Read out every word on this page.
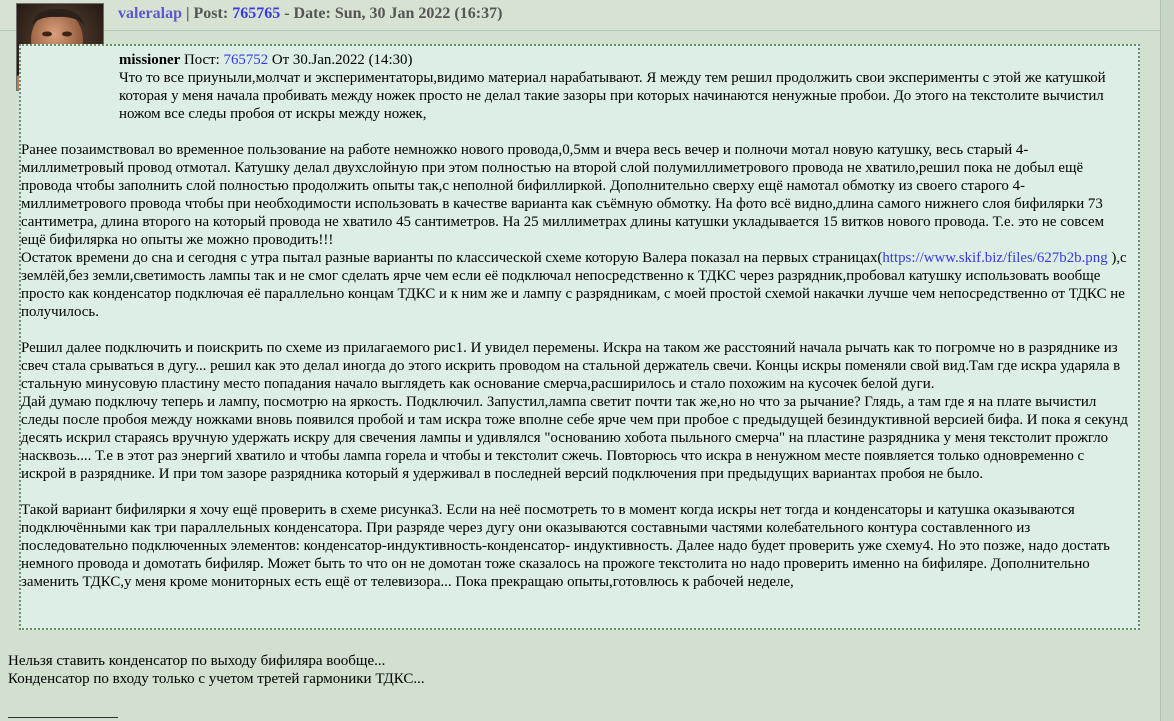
valeralap | Post: 765765 - Date: Sun, 30 Jan 2022 (16:37)
missioner Пост: 765752 От 30.Jan.2022 (14:30)

Что то все приуныли,молчат и экспериментаторы,видимо материал нарабатывают. Я между тем решил продолжить свои эксперименты с этой же катушкой которая у меня начала пробивать между ножек просто не делал такие зазоры при которых начинаются ненужные пробои. До этого на текстолите вычистил ножом все следы пробоя от искры между ножек,

Ранее позаимствовал во временное пользование на работе немножко нового провода,0,5мм и вчера весь вечер и полночи мотал новую катушку, весь старый 4-миллиметровый провод отмотал. Катушку делал двухслойную при этом полностью на второй слой полумиллиметрового провода не хватило,решил пока не добыл ещё провода чтобы заполнить слой полностью продолжить опыты так,с неполной бифиллиркой. Дополнительно сверху ещё намотал обмотку из своего старого 4-миллиметрового провода чтобы при необходимости использовать в качестве варианта как съёмную обмотку. На фото всё видно,длина самого нижнего слоя бифилярки 73 сантиметра, длина второго на который провода не хватило 45 сантиметров. На 25 миллиметрах длины катушки укладывается 15 витков нового провода. Т.е. это не совсем ещё бифилярка но опыты же можно проводить!!!

Остаток времени до сна и сегодня с утра пытал разные варианты по классической схеме которую Валера показал на первых страницах(https://www.skif.biz/files/627b2b.png ),с землёй,без земли,светимость лампы так и не смог сделать ярче чем если её подключал непосредственно к ТДКС через разрядник,пробовал катушку использовать вообще просто как конденсатор подключая её параллельно концам ТДКС и к ним же и лампу с разрядникам, с моей простой схемой накачки лучше чем непосредственно от ТДКС не получилось.

Решил далее подключить и поискрить по схеме из прилагаемого рис1. И увидел перемены. Искра на таком же расстояний начала рычать как то погромче но в разряднике из свеч стала срываться в дугу... решил как это делал иногда до этого искрить проводом на стальной держатель свечи. Концы искры поменяли свой вид.Там где искра ударяла в стальную минусовую пластину место попадания начало выглядеть как основание смерча,расширилось и стало похожим на кусочек белой дуги.

Дай думаю подключу теперь и лампу, посмотрю на яркость. Подключил. Запустил,лампа светит почти так же,но но что за рычание? Глядь, а там где я на плате вычистил следы после пробоя между ножками вновь появился пробой и там искра тоже вполне себе ярче чем при пробое с предыдущей безиндуктивной версией бифа. И пока я секунд десять искрил стараясь вручную удержать искру для свечения лампы и удивлялся "основанию хобота пыльного смерча" на пластине разрядника у меня текстолит прожгло насквозь.... Т.е в этот раз энергий хватило и чтобы лампа горела и чтобы и текстолит сжечь. Повторюсь что искра в ненужном месте появляется только одновременно с искрой в разряднике. И при том зазоре разрядника который я удерживал в последней версий подключения при предыдущих вариантах пробоя не было.

Такой вариант бифилярки я хочу ещё проверить в схеме рисунка3. Если на неё посмотреть то в момент когда искры нет тогда и конденсаторы и катушка оказываются подключёнными как три параллельных конденсатора. При разряде через дугу они оказываются составными частями колебательного контура составленного из последовательно подключенных элементов: конденсатор-индуктивность-конденсатор- индуктивность. Далее надо будет проверить уже схему4. Но это позже, надо достать немного провода и домотать бифиляр. Может быть то что он не домотан тоже сказалось на прожоге текстолита но надо проверить именно на бифиляре. Дополнительно заменить ТДКС,у меня кроме мониторных есть ещё от телевизора... Пока прекращаю опыты,готовлюсь к рабочей неделе,

Нельзя ставить конденсатор по выходу бифиляра вообще...
Конденсатор по входу только с учетом третей гармоники ТДКС...
